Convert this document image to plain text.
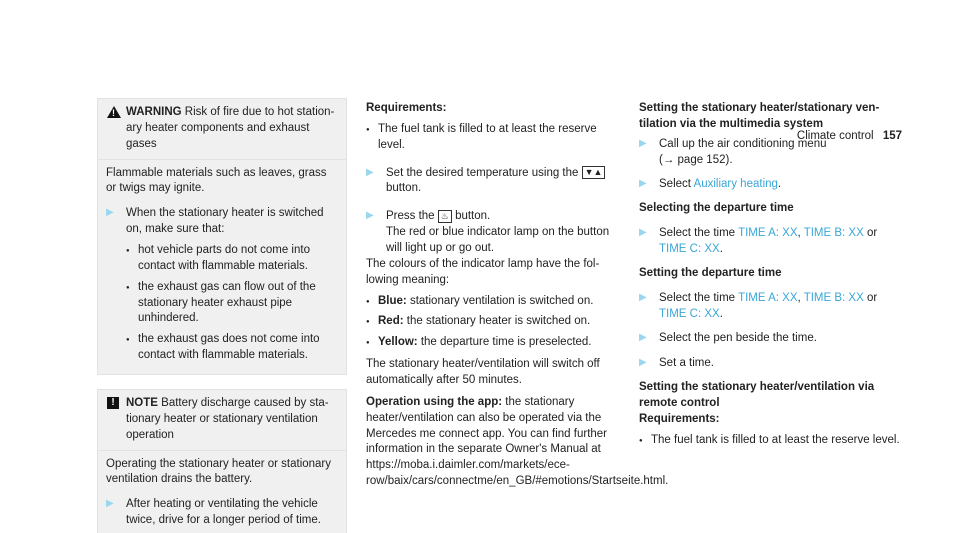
Climate control 157
!
WARNING Risk of fire due to hot station-ary heater components and exhaust gases
Flammable materials such as leaves, grass or twigs may ignite.
▶ When the stationary heater is switched on, make sure that:
● hot vehicle parts do not come into contact with flammable materials.
● the exhaust gas can flow out of the stationary heater exhaust pipe unhindered.
● the exhaust gas does not come into contact with flammable materials.
! NOTE Battery discharge caused by sta-tionary heater or stationary ventilation operation
Operating the stationary heater or stationary ventilation drains the battery.
▶ After heating or ventilating the vehicle twice, drive for a longer period of time.
Requirements:
● The fuel tank is filled to at least the reserve level.
▶ Set the desired temperature using the ▼▲
button.
▶ Press the ♨ button.
The red or blue indicator lamp on the button will light up or go out.
The colours of the indicator lamp have the fol-lowing meaning:
● Blue: stationary ventilation is switched on.
● Red: the stationary heater is switched on.
● Yellow: the departure time is preselected.
The stationary heater/ventilation will switch off automatically after 50 minutes.
Operation using the app: the stationary heater/ventilation can also be operated via the Mercedes me connect app. You can find further information in the separate Owner's Manual at https://moba.i.daimler.com/markets/ece-row/baix/cars/connectme/en_GB/#emotions/Startseite.html.
Setting the stationary heater/stationary ven-tilation via the multimedia system
▶ Call up the air conditioning menu
(→ page 152).
▶ Select Auxiliary heating.
Selecting the departure time
▶ Select the time TIME A: XX, TIME B: XX or TIME C: XX.
Setting the departure time
▶ Select the time TIME A: XX, TIME B: XX or TIME C: XX.
▶ Select the pen beside the time.
▶ Set a time.
Setting the stationary heater/ventilation via remote control
Requirements:
● The fuel tank is filled to at least the reserve level.
